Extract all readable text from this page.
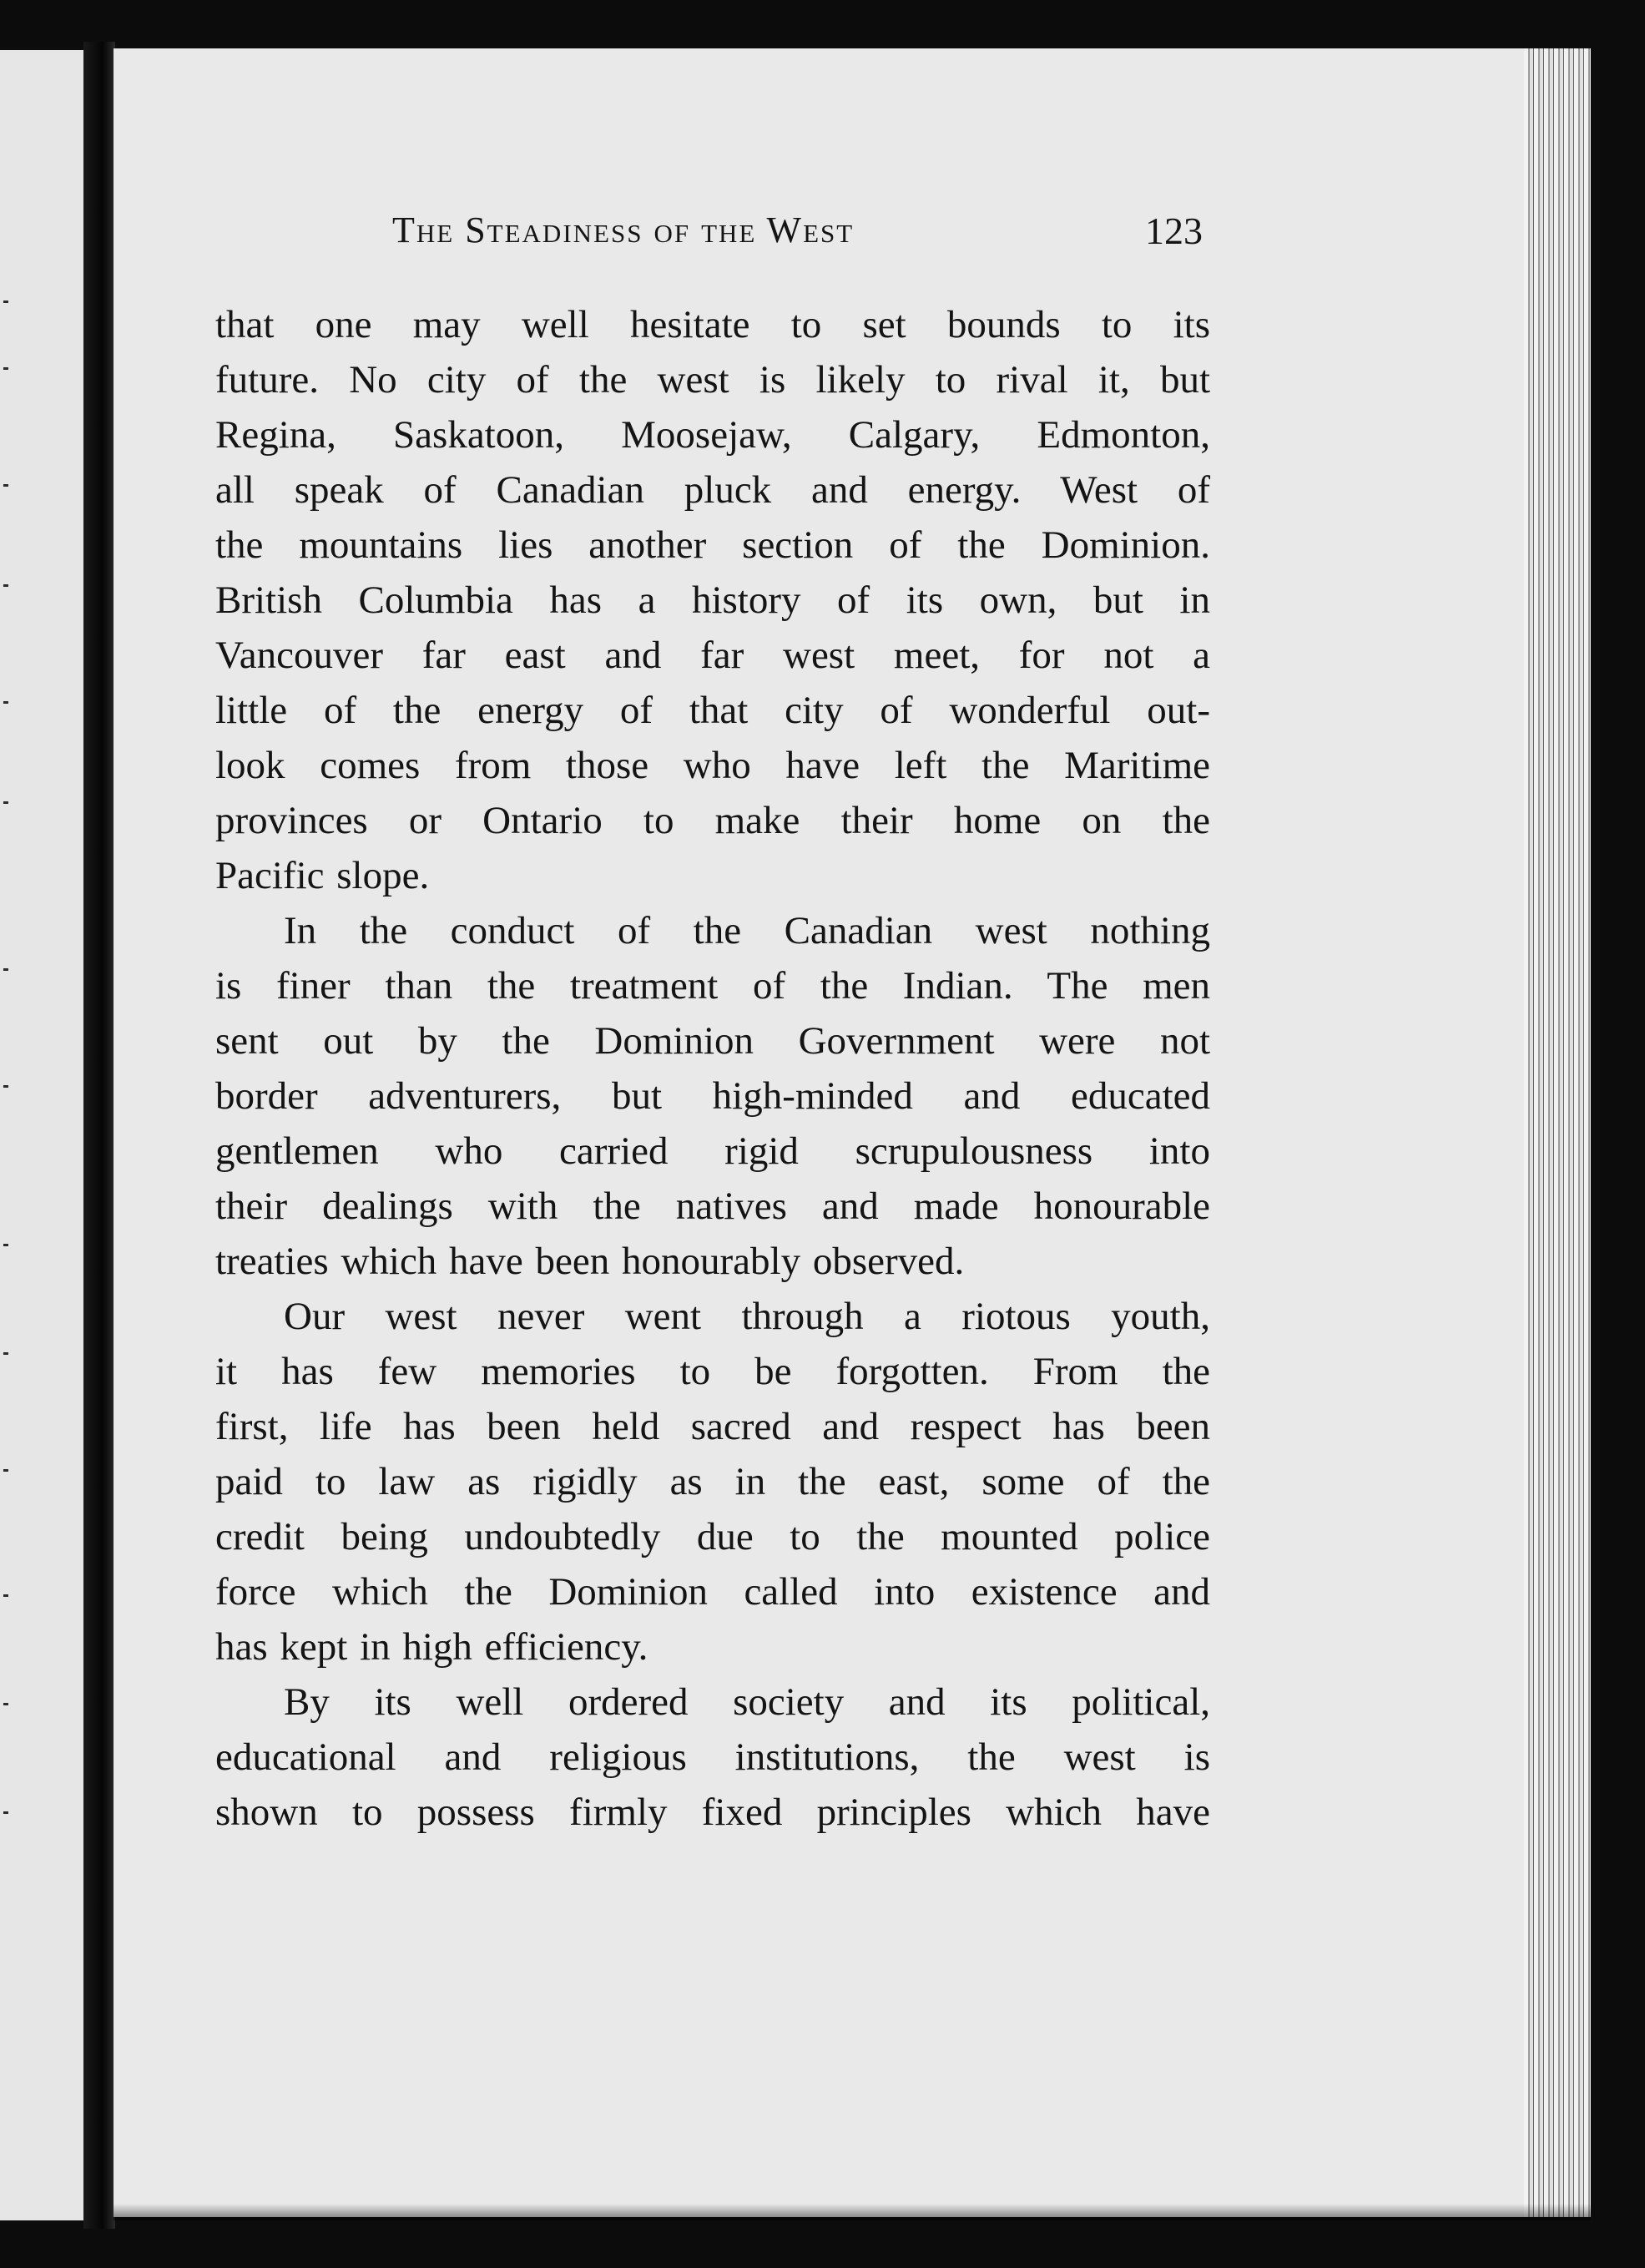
The Steadiness of the West	123
that one may well hesitate to set bounds to its
future. No city of the west is likely to rival it, but
Regina, Saskatoon, Moosejaw, Calgary, Edmonton,
all speak of Canadian pluck and energy. West of
the mountains lies another section of the Dominion.
British Columbia has a history of its own, but in
Vancouver far east and far west meet, for not a
little of the energy of that city of wonderful out-
look comes from those who have left the Maritime
provinces or Ontario to make their home on the
Pacific slope.
In the conduct of the Canadian west nothing
is finer than the treatment of the Indian. The men
sent out by the Dominion Government were not
border adventurers, but high-minded and educated
gentlemen who carried rigid scrupulousness into
their dealings with the natives and made honourable
treaties which have been honourably observed.
Our west never went through a riotous youth,
it has few memories to be forgotten. From the
first, life has been held sacred and respect has been
paid to law as rigidly as in the east, some of the
credit being undoubtedly due to the mounted police
force which the Dominion called into existence and
has kept in high efficiency.
By its well ordered society and its political,
educational and religious institutions, the west is
shown to possess firmly fixed principles which have
